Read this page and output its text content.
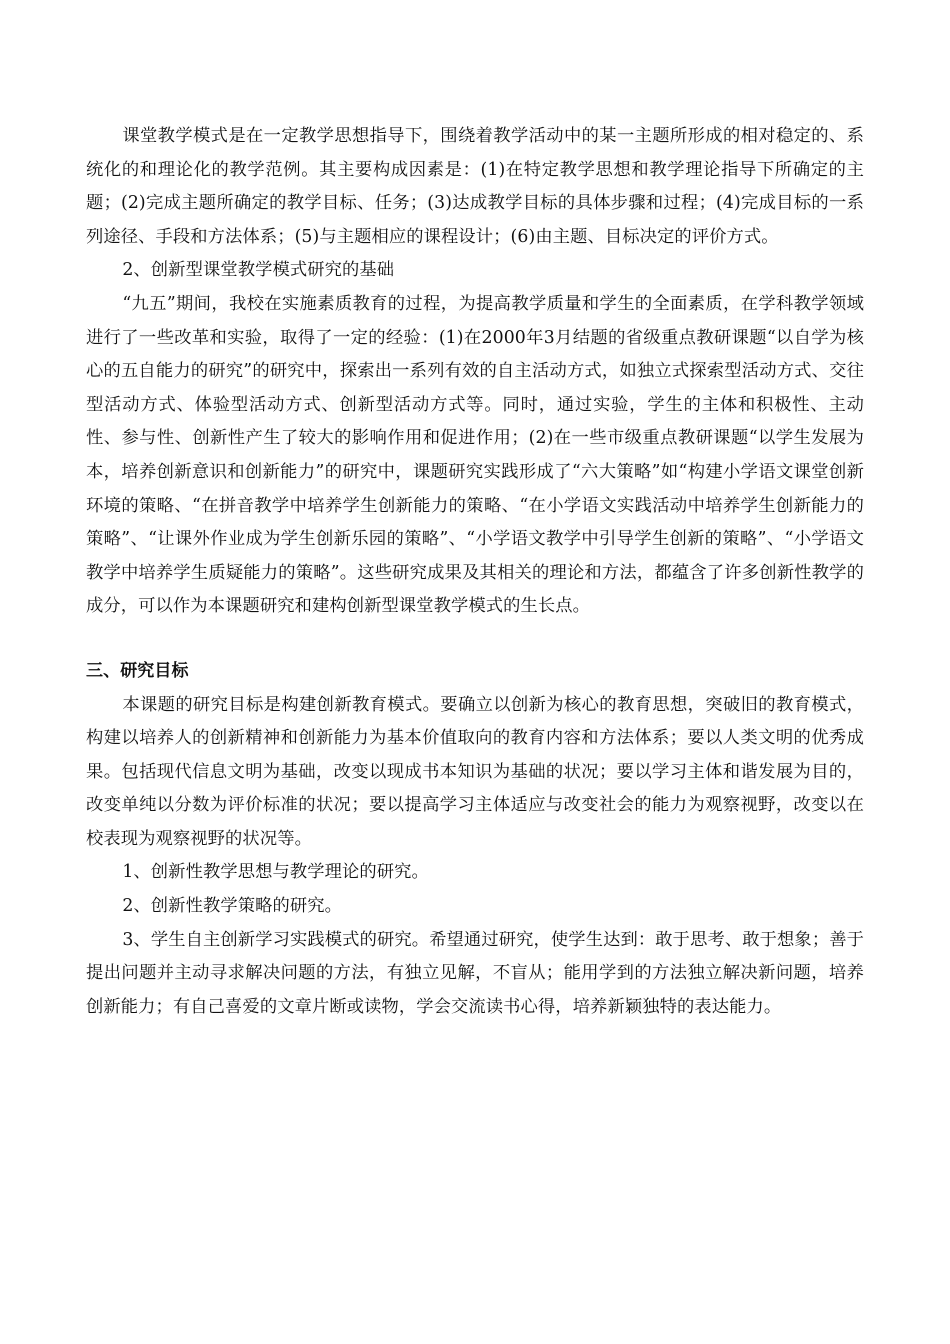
课堂教学模式是在一定教学思想指导下，围绕着教学活动中的某一主题所形成的相对稳定的、系统化的和理论化的教学范例。其主要构成因素是：(1)在特定教学思想和教学理论指导下所确定的主题；(2)完成主题所确定的教学目标、任务；(3)达成教学目标的具体步骤和过程；(4)完成目标的一系列途径、手段和方法体系；(5)与主题相应的课程设计；(6)由主题、目标决定的评价方式。

2、创新型课堂教学模式研究的基础

“九五”期间，我校在实施素质教育的过程，为提高教学质量和学生的全面素质，在学科教学领域进行了一些改革和实验，取得了一定的经验：(1)在2000年3月结题的省级重点教研课题“以自学为核心的五自能力的研究”的研究中，探索出一系列有效的自主活动方式，如独立式探索型活动方式、交往型活动方式、体验型活动方式、创新型活动方式等。同时，通过实验，学生的主体和积极性、主动性、参与性、创新性产生了较大的影响作用和促进作用；(2)在一些市级重点教研课题“以学生发展为本，培养创新意识和创新能力”的研究中，课题研究实践形成了“六大策略”如“构建小学语文课堂创新环境的策略、“在拼音教学中培养学生创新能力的策略、“在小学语文实践活动中培养学生创新能力的策略”、“让课外作业成为学生创新乐园的策略”、“小学语文教学中引导学生创新的策略”、“小学语文教学中培养学生质疑能力的策略”。这些研究成果及其相关的理论和方法，都蕴含了许多创新性教学的成分，可以作为本课题研究和建构创新型课堂教学模式的生长点。

三、研究目标

本课题的研究目标是构建创新教育模式。要确立以创新为核心的教育思想，突破旧的教育模式，构建以培养人的创新精神和创新能力为基本价值取向的教育内容和方法体系；要以人类文明的优秀成果。包括现代信息文明为基础，改变以现成书本知识为基础的状况；要以学习主体和谐发展为目的，改变单纯以分数为评价标准的状况；要以提高学习主体适应与改变社会的能力为观察视野，改变以在校表现为观察视野的状况等。

1、创新性教学思想与教学理论的研究。

2、创新性教学策略的研究。

3、学生自主创新学习实践模式的研究。希望通过研究，使学生达到：敢于思考、敢于想象；善于提出问题并主动寻求解决问题的方法，有独立见解，不盲从；能用学到的方法独立解决新问题，培养创新能力；有自己喜爱的文章片断或读物，学会交流读书心得，培养新颖独特的表达能力。
